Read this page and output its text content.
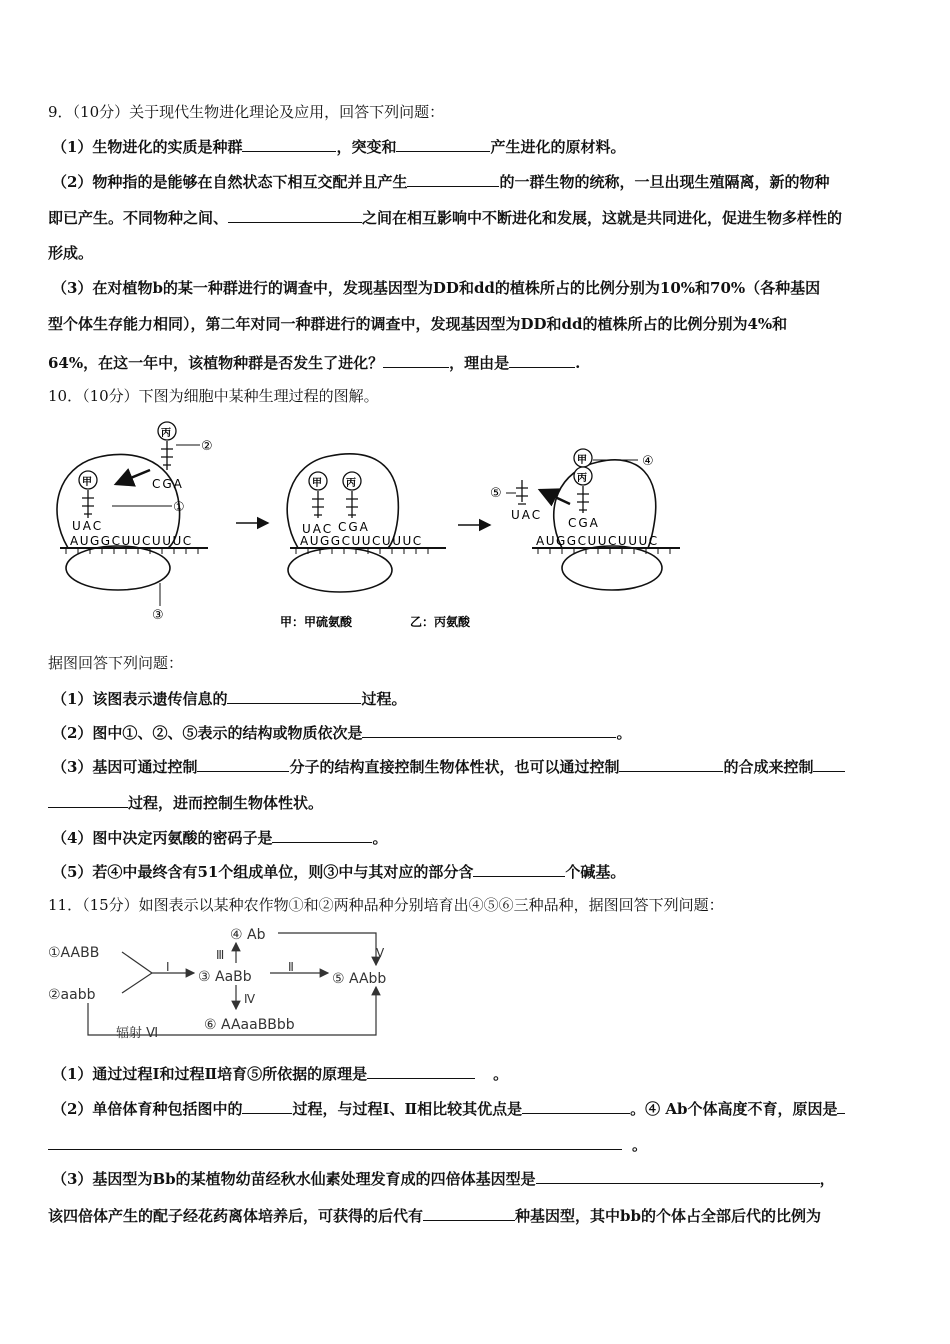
9．（10分）关于现代生物进化理论及应用，回答下列问题：
（1）生物进化的实质是种群	，突变和	产生进化的原材料。
（2）物种指的是能够在自然状态下相互交配并且产生	的一群生物的统称，一旦出现生殖隔离，新的物种
即已产生。不同物种之间、	之间在相互影响中不断进化和发展，这就是共同进化，促进生物多样性的
形成。
（3）在对植物b的某一种群进行的调查中，发现基因型为DD和dd的植株所占的比例分别为10%和70%（各种基因
型个体生存能力相同），第二年对同一种群进行的调查中，发现基因型为DD和dd的植株所占的比例分别为4%和
64%，在这一年中，该植物种群是否发生了进化？	，理由是	.
10．（10分）下图为细胞中某种生理过程的图解。
AUGGCUUCUUUC
甲
UAC
丙
CGA
②
①
③
AUGGCUUCUUUC
甲
UAC
丙
CGA
AUGGCUUCUUUC
甲
丙
④
CGA
UAC
⑤
甲：甲硫氨酸	乙：丙氨酸
据图回答下列问题：
（1）该图表示遗传信息的	过程。
（2）图中①、②、⑤表示的结构或物质依次是	。
（3）基因可通过控制	分子的结构直接控制生物体性状，也可以通过控制	的合成来控制
过程，进而控制生物体性状。
（4）图中决定丙氨酸的密码子是	。
（5）若④中最终含有51个组成单位，则③中与其对应的部分含	个碱基。
11．（15分）如图表示以某种农作物①和②两种品种分别培育出④⑤⑥三种品种，据图回答下列问题：
①AABB
②aabb
③ AaBb
④ Ab
⑤ AAbb
⑥ AAaaBBbb
Ⅰ	Ⅱ
Ⅲ
Ⅳ
Ⅴ
辐射 Ⅵ
（1）通过过程Ⅰ和过程Ⅱ培育⑤所依据的原理是	。
（2）单倍体育种包括图中的	过程，与过程Ⅰ、Ⅱ相比较其优点是	。④ Ab个体高度不育，原因是
。
（3）基因型为Bb的某植物幼苗经秋水仙素处理发育成的四倍体基因型是	，
该四倍体产生的配子经花药离体培养后，可获得的后代有	种基因型，其中bb的个体占全部后代的比例为
